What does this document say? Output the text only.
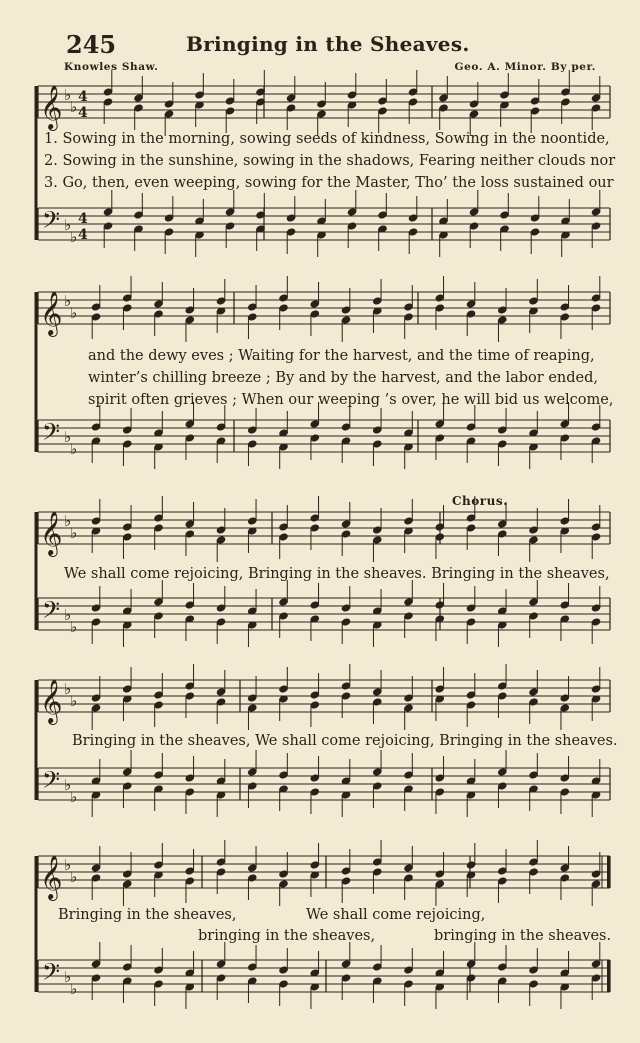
𝄞
𝄢
♭
♭
♭
♭
4
4
4
4
𝄞
𝄢
♭
♭
♭
♭
𝄞
𝄢
♭
♭
♭
♭
𝄞
𝄢
♭
♭
♭
♭
𝄞
𝄢
♭
♭
♭
♭
245	Bringing in the Sheaves.
Knowles Shaw.	Geo. A. Minor. By per.
1. Sowing in the morning, sowing seeds of kindness, Sowing in the noontide,
2. Sowing in the sunshine, sowing in the shadows, Fearing neither clouds nor
3. Go, then, even weeping, sowing for the Master, Tho’ the loss sustained our
and the dewy eves ; Waiting for the harvest, and the time of reaping,
winter’s chilling breeze ; By and by the harvest, and the labor ended,
spirit often grieves ; When our weeping ’s over, he will bid us welcome,
Chorus.
We shall come rejoicing, Bringing in the sheaves. Bringing in the sheaves,
Bringing in the sheaves, We shall come rejoicing, Bringing in the sheaves.
Bringing in the sheaves,	We shall come rejoicing,
bringing in the sheaves,	bringing in the sheaves.
